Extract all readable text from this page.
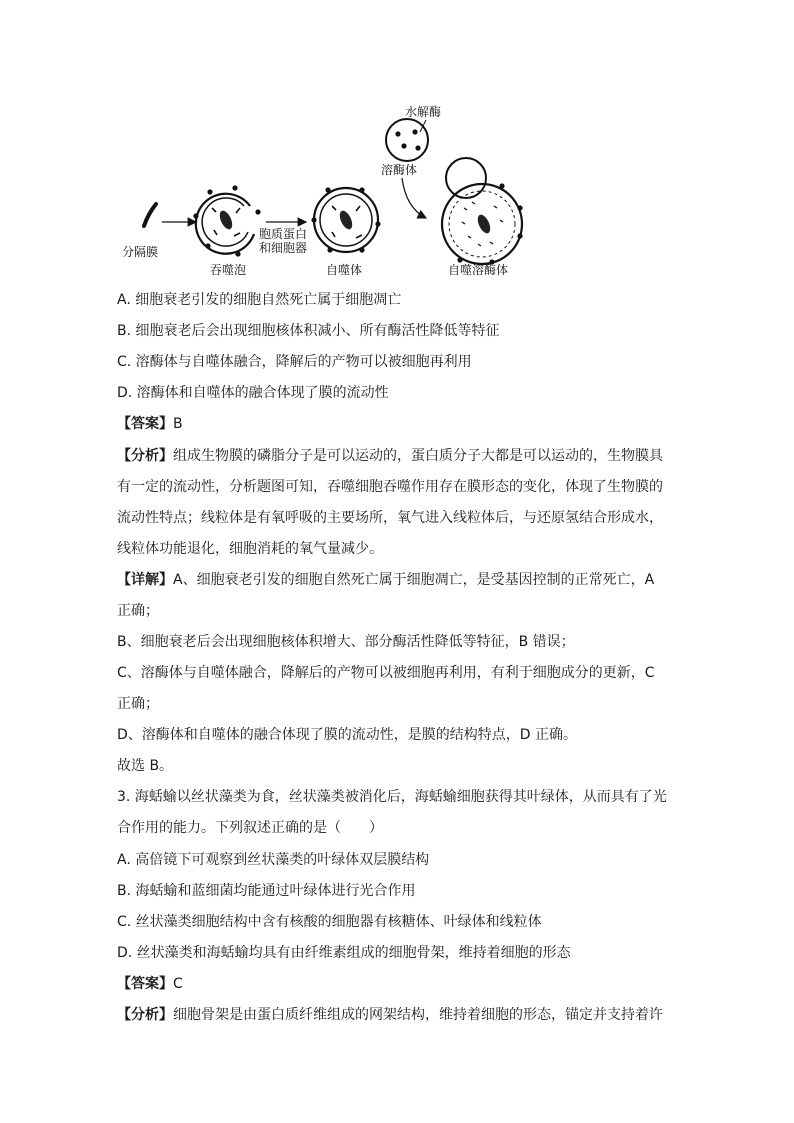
水解酶
溶酶体
分隔膜
吞噬泡
胞质蛋白
和细胞器
自噬体	自噬溶酶体
A. 细胞衰老引发的细胞自然死亡属于细胞凋亡
B. 细胞衰老后会出现细胞核体积减小、所有酶活性降低等特征
C. 溶酶体与自噬体融合，降解后的产物可以被细胞再利用
D. 溶酶体和自噬体的融合体现了膜的流动性
【答案】B
【分析】组成生物膜的磷脂分子是可以运动的，蛋白质分子大都是可以运动的，生物膜具
有一定的流动性，分析题图可知，吞噬细胞吞噬作用存在膜形态的变化，体现了生物膜的
流动性特点；线粒体是有氧呼吸的主要场所，氧气进入线粒体后，与还原氢结合形成水，
线粒体功能退化，细胞消耗的氧气量减少。
【详解】A、细胞衰老引发的细胞自然死亡属于细胞凋亡，是受基因控制的正常死亡，A
正确；
B、细胞衰老后会出现细胞核体积增大、部分酶活性降低等特征，B 错误；
C、溶酶体与自噬体融合，降解后的产物可以被细胞再利用，有利于细胞成分的更新，C
正确；
D、溶酶体和自噬体的融合体现了膜的流动性，是膜的结构特点，D 正确。
故选 B。
3. 海蛞蝓以丝状藻类为食，丝状藻类被消化后，海蛞蝓细胞获得其叶绿体，从而具有了光
合作用的能力。下列叙述正确的是（　　）
A. 高倍镜下可观察到丝状藻类的叶绿体双层膜结构
B. 海蛞蝓和蓝细菌均能通过叶绿体进行光合作用
C. 丝状藻类细胞结构中含有核酸的细胞器有核糖体、叶绿体和线粒体
D. 丝状藻类和海蛞蝓均具有由纤维素组成的细胞骨架，维持着细胞的形态
【答案】C
【分析】细胞骨架是由蛋白质纤维组成的网架结构，维持着细胞的形态，锚定并支持着许
